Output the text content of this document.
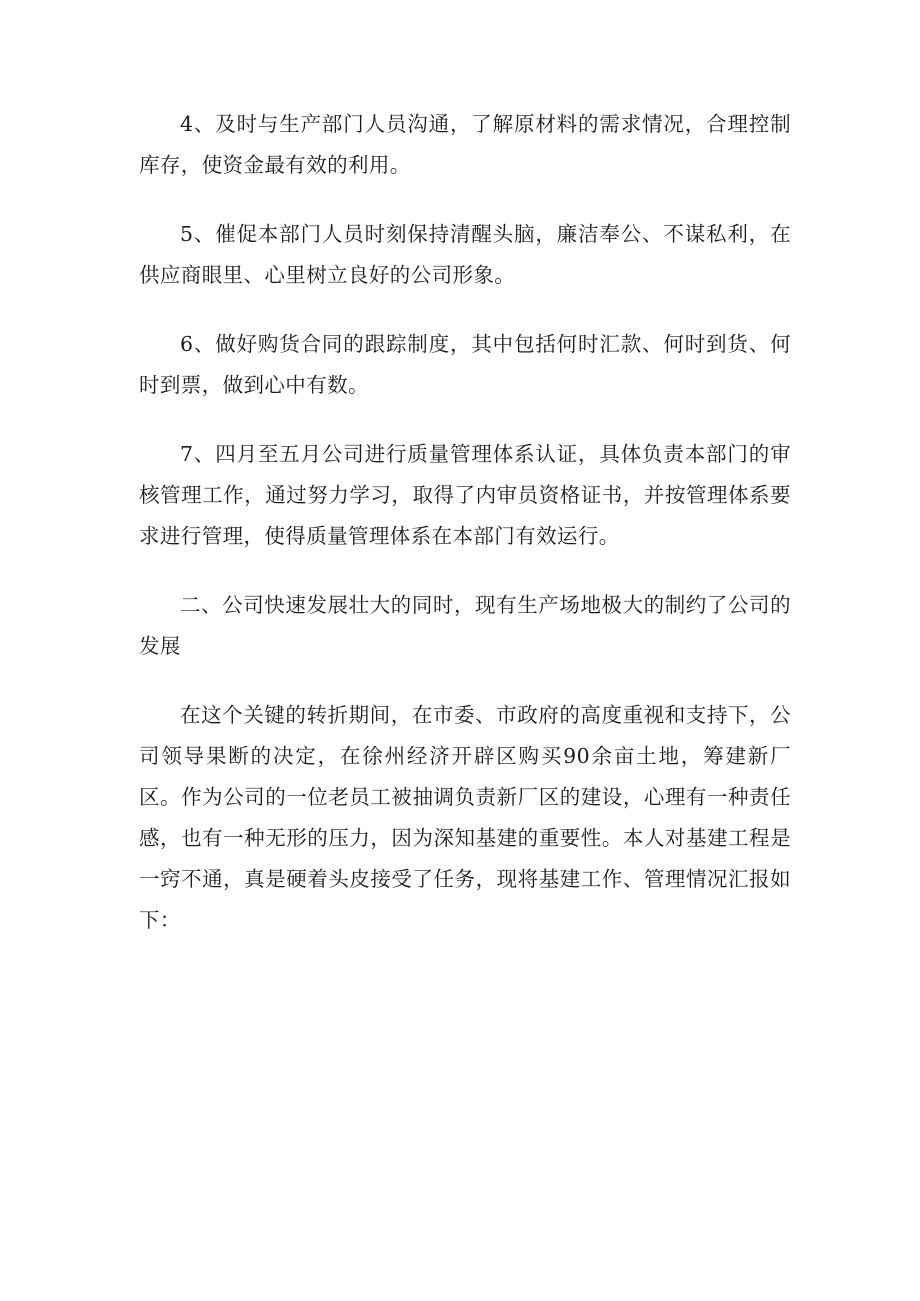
4、及时与生产部门人员沟通，了解原材料的需求情况，合理控制库存，使资金最有效的利用。

5、催促本部门人员时刻保持清醒头脑，廉洁奉公、不谋私利，在供应商眼里、心里树立良好的公司形象。

6、做好购货合同的跟踪制度，其中包括何时汇款、何时到货、何时到票，做到心中有数。

7、四月至五月公司进行质量管理体系认证，具体负责本部门的审核管理工作，通过努力学习，取得了内审员资格证书，并按管理体系要求进行管理，使得质量管理体系在本部门有效运行。

二、公司快速发展壮大的同时，现有生产场地极大的制约了公司的发展

在这个关键的转折期间，在市委、市政府的高度重视和支持下，公司领导果断的决定，在徐州经济开辟区购买90余亩土地，筹建新厂区。作为公司的一位老员工被抽调负责新厂区的建设，心理有一种责任感，也有一种无形的压力，因为深知基建的重要性。本人对基建工程是一窍不通，真是硬着头皮接受了任务，现将基建工作、管理情况汇报如下：
